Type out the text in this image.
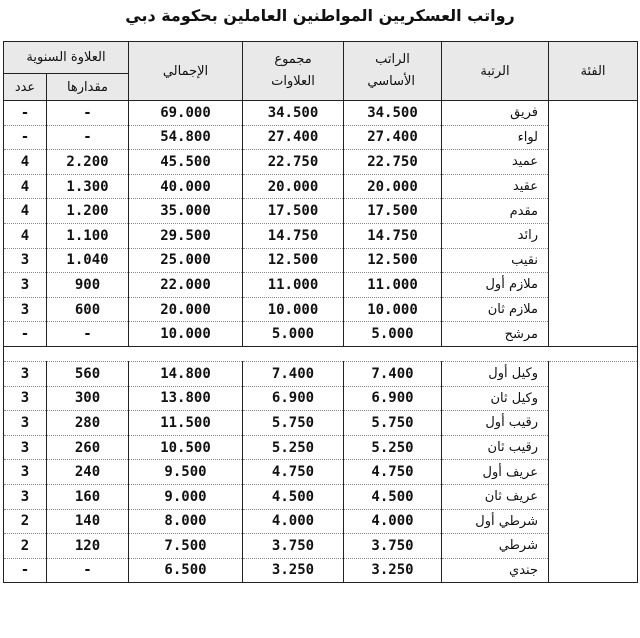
رواتب العسكريين المواطنين العاملين بحكومة دبي
العلاوة السنوية		الإجمالي	مجموع العلاوات	الراتب الأساسي	الرتبة	الفئة
عدد	مقدارها					
-	-	69.000	34.500	34.500	فريق	
-	-	54.800	27.400	27.400	لواء	
4	2.200	45.500	22.750	22.750	عميد	
4	1.300	40.000	20.000	20.000	عقيد	
4	1.200	35.000	17.500	17.500	مقدم	
4	1.100	29.500	14.750	14.750	رائد	
3	1.040	25.000	12.500	12.500	نقيب	
3	900	22.000	11.000	11.000	ملازم أول	
3	600	20.000	10.000	10.000	ملازم ثان	
-	-	10.000	5.000	5.000	مرشح	

3	560	14.800	7.400	7.400	وكيل أول	
3	300	13.800	6.900	6.900	وكيل ثان	
3	280	11.500	5.750	5.750	رقيب أول	
3	260	10.500	5.250	5.250	رقيب ثان	
3	240	9.500	4.750	4.750	عريف أول	
3	160	9.000	4.500	4.500	عريف ثان	
2	140	8.000	4.000	4.000	شرطي أول	
2	120	7.500	3.750	3.750	شرطي	
-	-	6.500	3.250	3.250	جندي	
